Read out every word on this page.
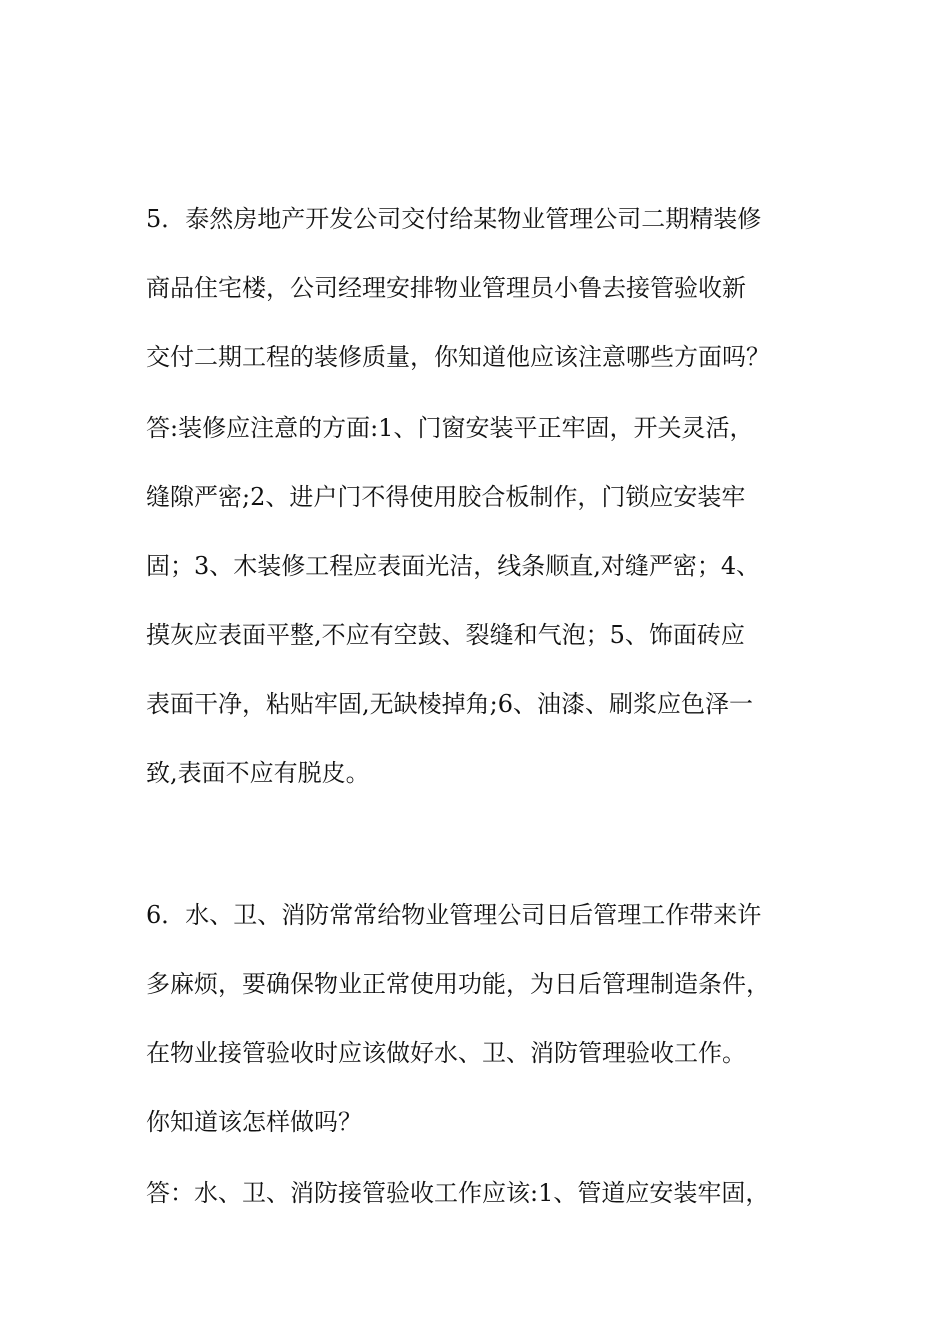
5．泰然房地产开发公司交付给某物业管理公司二期精装修
商品住宅楼，公司经理安排物业管理员小鲁去接管验收新
交付二期工程的装修质量，你知道他应该注意哪些方面吗？
答:装修应注意的方面:1、门窗安装平正牢固，开关灵活，
缝隙严密;2、进户门不得使用胶合板制作，门锁应安装牢
固；3、木装修工程应表面光洁，线条顺直,对缝严密；4、
摸灰应表面平整,不应有空鼓、裂缝和气泡；5、饰面砖应
表面干净，粘贴牢固,无缺棱掉角;6、油漆、刷浆应色泽一
致,表面不应有脱皮。
6．水、卫、消防常常给物业管理公司日后管理工作带来许
多麻烦，要确保物业正常使用功能，为日后管理制造条件，
在物业接管验收时应该做好水、卫、消防管理验收工作。
你知道该怎样做吗？
答：水、卫、消防接管验收工作应该:1、管道应安装牢固，
